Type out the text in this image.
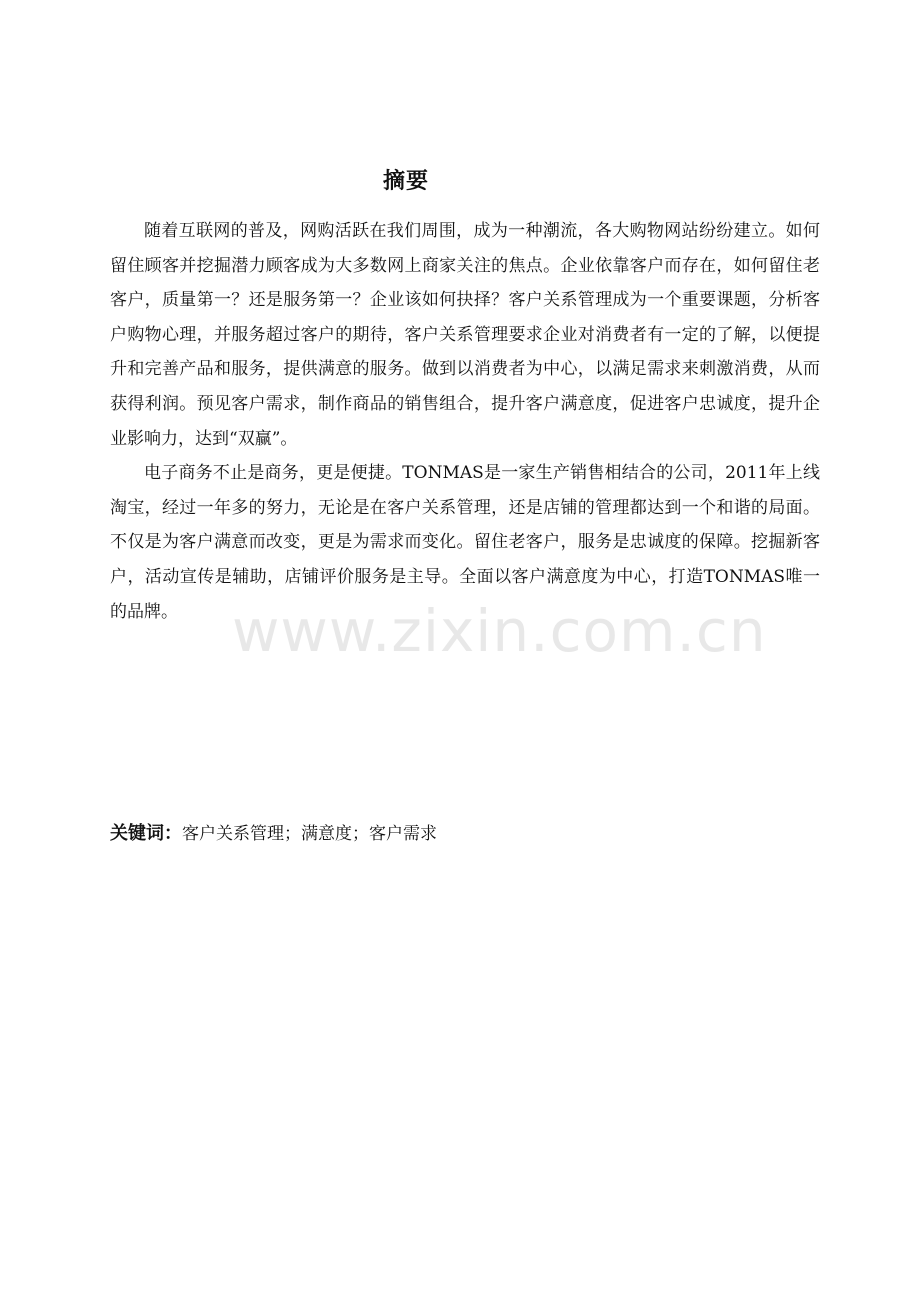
摘要

随着互联网的普及，网购活跃在我们周围，成为一种潮流，各大购物网站纷纷建立。如何留住顾客并挖掘潜力顾客成为大多数网上商家关注的焦点。企业依靠客户而存在，如何留住老客户，质量第一？还是服务第一？企业该如何抉择？客户关系管理成为一个重要课题，分析客户购物心理，并服务超过客户的期待，客户关系管理要求企业对消费者有一定的了解，以便提升和完善产品和服务，提供满意的服务。做到以消费者为中心，以满足需求来刺激消费，从而获得利润。预见客户需求，制作商品的销售组合，提升客户满意度，促进客户忠诚度，提升企业影响力，达到“双赢”。

电子商务不止是商务，更是便捷。TONMAS是一家生产销售相结合的公司，2011年上线淘宝，经过一年多的努力，无论是在客户关系管理，还是店铺的管理都达到一个和谐的局面。不仅是为客户满意而改变，更是为需求而变化。留住老客户，服务是忠诚度的保障。挖掘新客户，活动宣传是辅助，店铺评价服务是主导。全面以客户满意度为中心，打造TONMAS唯一的品牌。

关键词：客户关系管理；满意度；客户需求
www.zixin.com.cn
